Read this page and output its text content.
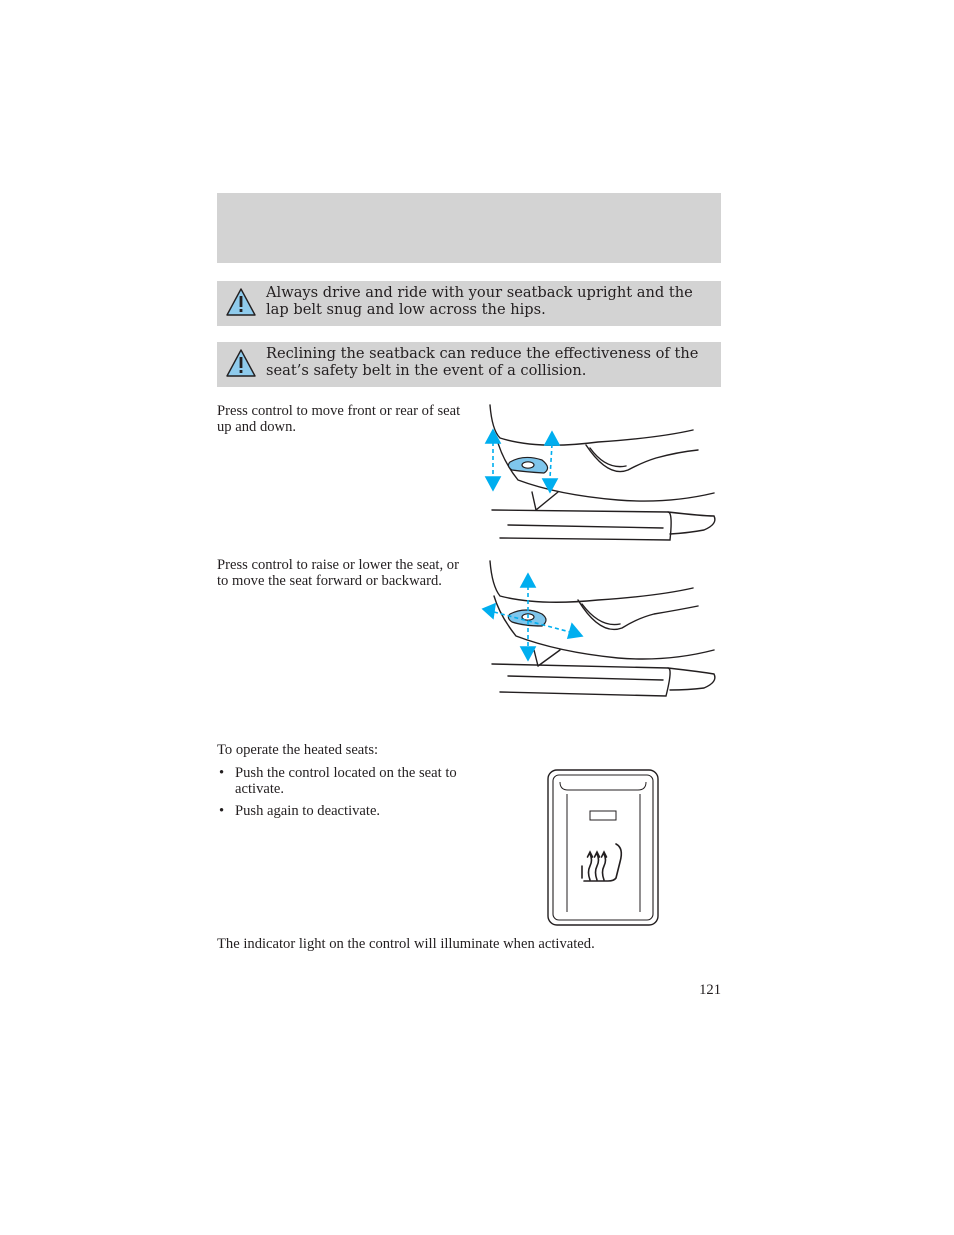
Always drive and ride with your seatback upright and the lap belt snug and low across the hips.
Reclining the seatback can reduce the effectiveness of the seat’s safety belt in the event of a collision.
Press control to move front or rear of seat up and down.
Press control to raise or lower the seat, or to move the seat forward or backward.
To operate the heated seats:
• Push the control located on the seat to activate.
• Push again to deactivate.
The indicator light on the control will illuminate when activated.
121
